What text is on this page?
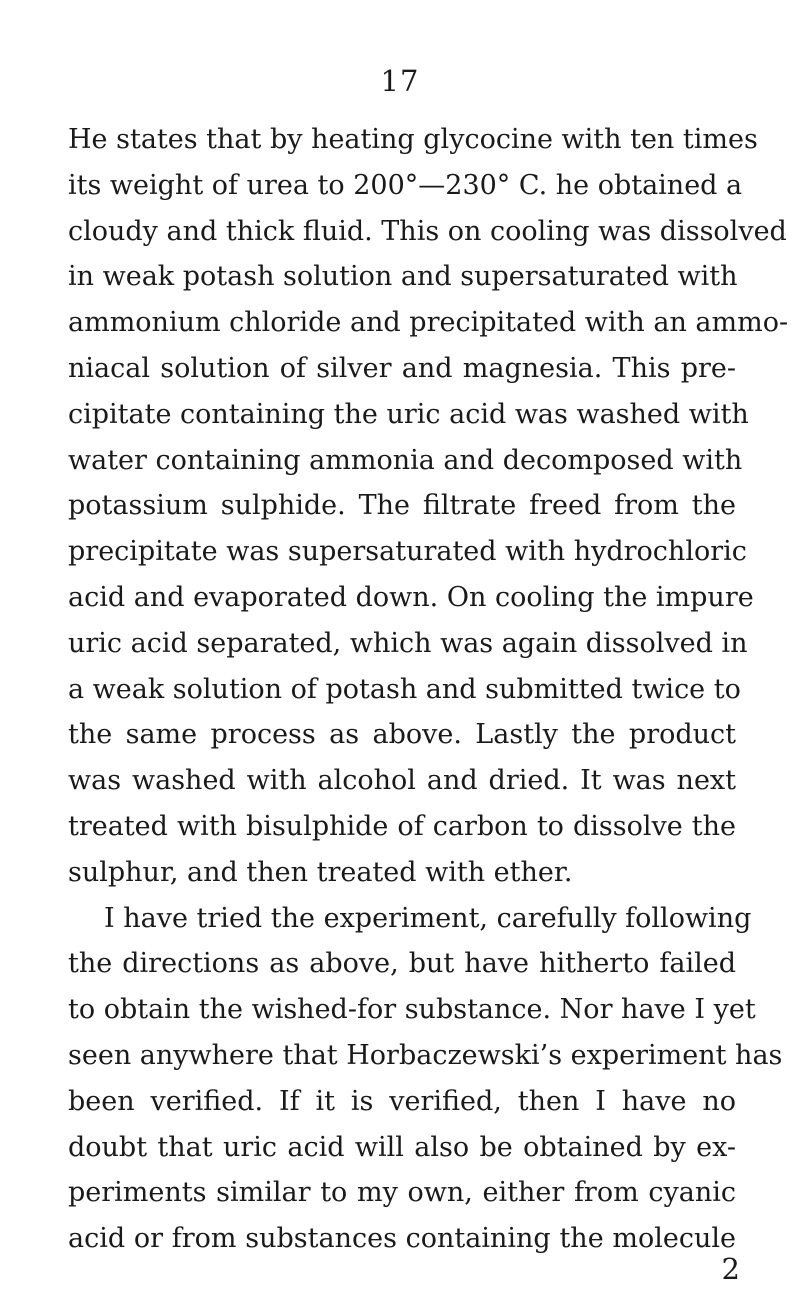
17
He states that by heating glycocine with ten times
its weight of urea to 200°—230° C. he obtained a
cloudy and thick fluid. This on cooling was dissolved
in weak potash solution and supersaturated with
ammonium chloride and precipitated with an ammo-
niacal solution of silver and magnesia. This pre-
cipitate containing the uric acid was washed with
water containing ammonia and decomposed with
potassium sulphide. The filtrate freed from the
precipitate was supersaturated with hydrochloric
acid and evaporated down. On cooling the impure
uric acid separated, which was again dissolved in
a weak solution of potash and submitted twice to
the same process as above. Lastly the product
was washed with alcohol and dried. It was next
treated with bisulphide of carbon to dissolve the
sulphur, and then treated with ether.
I have tried the experiment, carefully following
the directions as above, but have hitherto failed
to obtain the wished-for substance. Nor have I yet
seen anywhere that Horbaczewski’s experiment has
been verified. If it is verified, then I have no
doubt that uric acid will also be obtained by ex-
periments similar to my own, either from cyanic
acid or from substances containing the molecule
2
